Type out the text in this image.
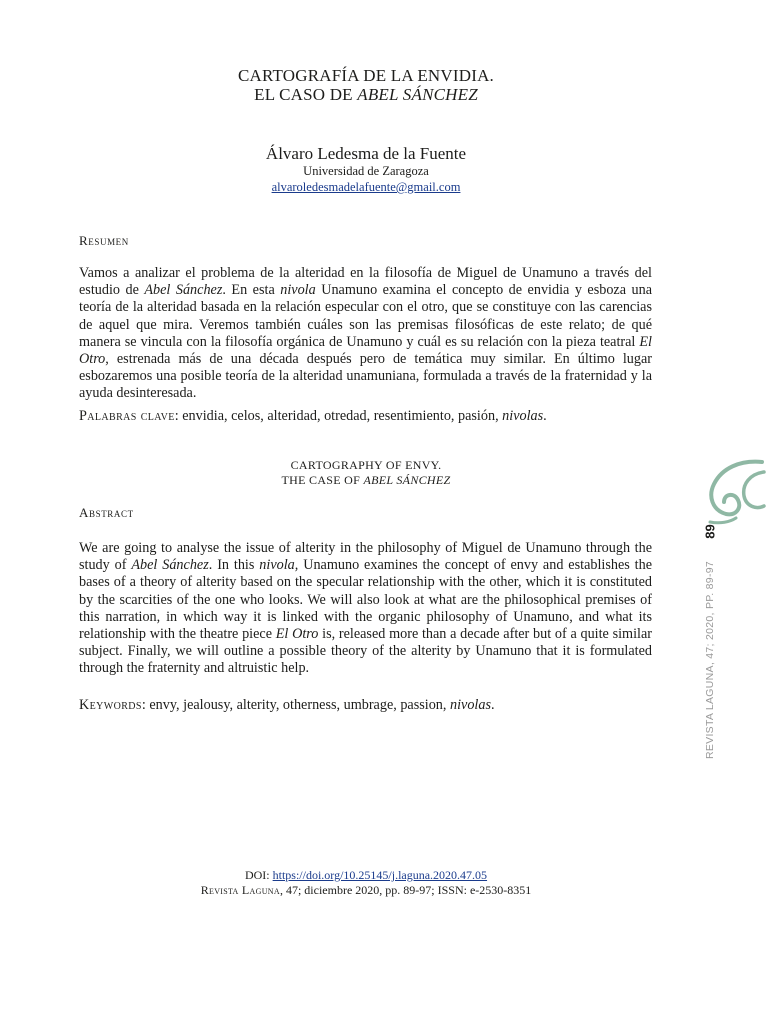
CARTOGRAFÍA DE LA ENVIDIA.
EL CASO DE ABEL SÁNCHEZ
Álvaro Ledesma de la Fuente
Universidad de Zaragoza
alvaroledesmadelafuente@gmail.com
Resumen

Vamos a analizar el problema de la alteridad en la filosofía de Miguel de Unamuno a través del estudio de Abel Sánchez. En esta nivola Unamuno examina el concepto de envidia y esboza una teoría de la alteridad basada en la relación especular con el otro, que se constituye con las carencias de aquel que mira. Veremos también cuáles son las premisas filosóficas de este relato; de qué manera se vincula con la filosofía orgánica de Unamuno y cuál es su relación con la pieza teatral El Otro, estrenada más de una década después pero de temática muy similar. En último lugar esbozaremos una posible teoría de la alteridad unamuniana, formulada a través de la fraternidad y la ayuda desinteresada.

Palabras clave: envidia, celos, alteridad, otredad, resentimiento, pasión, nivolas.
CARTOGRAPHY OF ENVY.
THE CASE OF ABEL SÁNCHEZ
Abstract

We are going to analyse the issue of alterity in the philosophy of Miguel de Unamuno through the study of Abel Sánchez. In this nivola, Unamuno examines the concept of envy and establishes the bases of a theory of alterity based on the specular relationship with the other, which it is constituted by the scarcities of the one who looks. We will also look at what are the philosophical premises of this narration, in which way it is linked with the organic philosophy of Unamuno, and what its relationship with the theatre piece El Otro is, released more than a decade after but of a quite similar subject. Finally, we will outline a possible theory of the alterity by Unamuno that it is formulated through the fraternity and altruistic help.

Keywords: envy, jealousy, alterity, otherness, umbrage, passion, nivolas.
DOI: https://doi.org/10.25145/j.laguna.2020.47.05
Revista Laguna, 47; diciembre 2020, pp. 89-97; ISSN: e-2530-8351
89
REVISTA LAGUNA, 47; 2020, PP. 89-97
